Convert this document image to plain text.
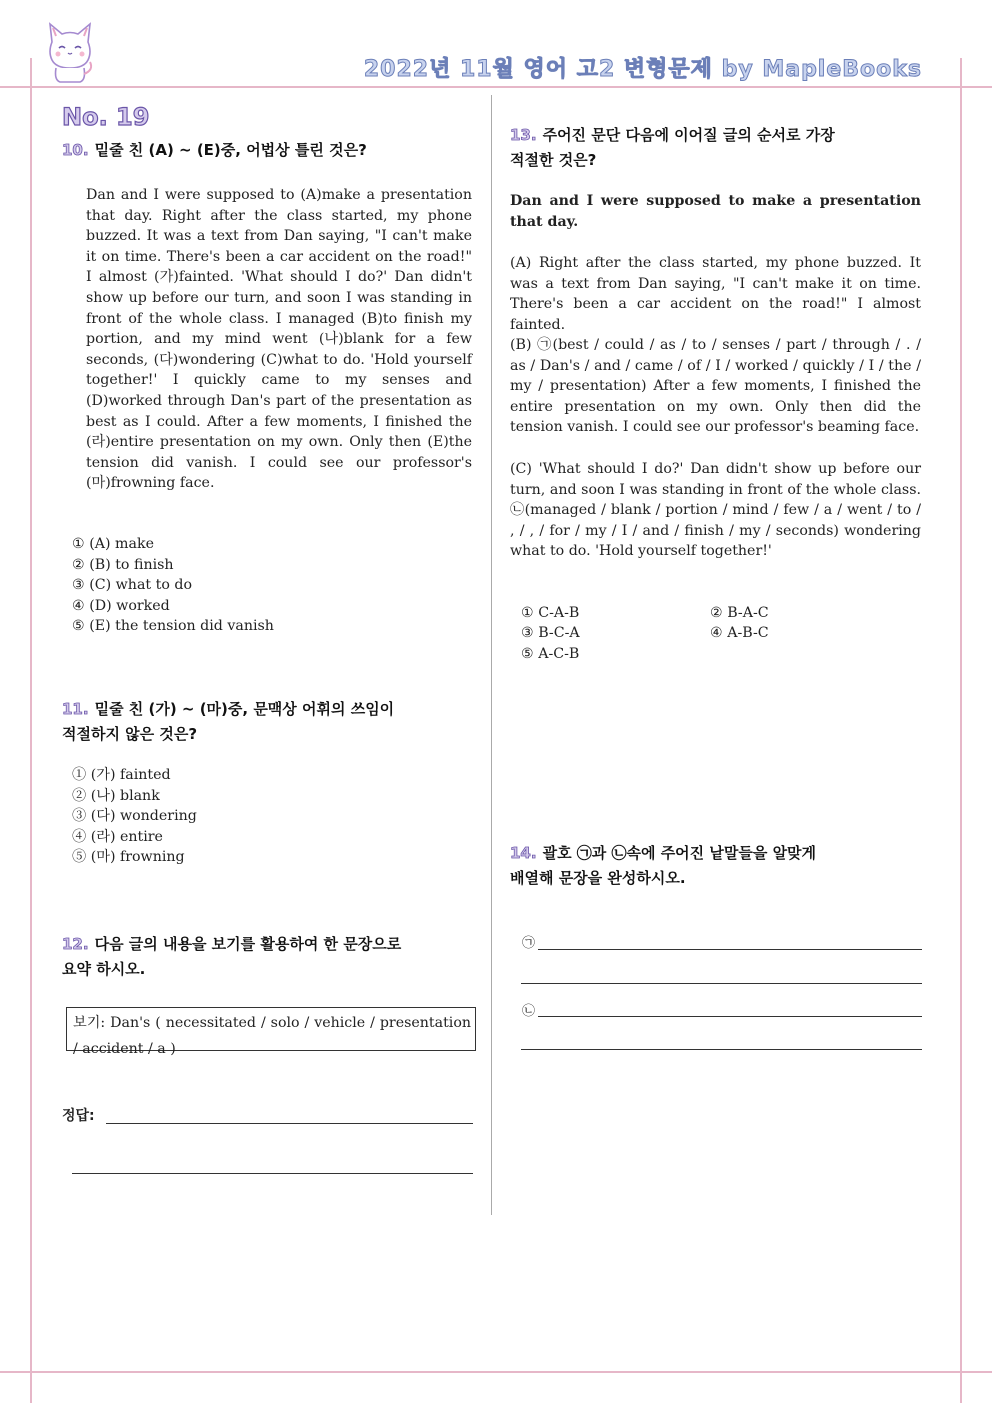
2022년 11월 영어 고2 변형문제 by MapleBooks
No. 19
10. 밑줄 친 (A) ~ (E)중, 어법상 틀린 것은?
Dan and I were supposed to (A)make a presentation that day. Right after the class started, my phone buzzed. It was a text from Dan saying, "I can't make it on time. There's been a car accident on the road!" I almost (가)fainted. 'What should I do?' Dan didn't show up before our turn, and soon I was standing in front of the whole class. I managed (B)to finish my portion, and my mind went (나)blank for a few seconds, (다)wondering (C)what to do. 'Hold yourself together!' I quickly came to my senses and (D)worked through Dan's part of the presentation as best as I could. After a few moments, I finished the (라)entire presentation on my own. Only then (E)the tension did vanish. I could see our professor's (마)frowning face.
① (A) make
② (B) to finish
③ (C) what to do
④ (D) worked
⑤ (E) the tension did vanish
11. 밑줄 친 (가) ~ (마)중, 문맥상 어휘의 쓰임이
적절하지 않은 것은?
① (가) fainted
② (나) blank
③ (다) wondering
④ (라) entire
⑤ (마) frowning
12. 다음 글의 내용을 보기를 활용하여 한 문장으로
요약 하시오.
보기: Dan's ( necessitated / solo / vehicle / presentation / accident / a )
정답:
13. 주어진 문단 다음에 이어질 글의 순서로 가장
적절한 것은?
Dan and I were supposed to make a presentation that day.
(A) Right after the class started, my phone buzzed. It was a text from Dan saying, "I can't make it on time. There's been a car accident on the road!" I almost fainted.
(B) ㉠(best / could / as / to / senses / part / through / . / as / Dan's / and / came / of / I / worked / quickly / I / the / my / presentation) After a few moments, I finished the entire presentation on my own. Only then did the tension vanish. I could see our professor's beaming face.
(C) 'What should I do?' Dan didn't show up before our turn, and soon I was standing in front of the whole class. ㉡(managed / blank / portion / mind / few / a / went / to / , / , / for / my / I / and / finish / my / seconds) wondering what to do. 'Hold yourself together!'
① C-A-B	② B-A-C
③ B-C-A	④ A-B-C
⑤ A-C-B
14. 괄호 ㉠과 ㉡속에 주어진 낱말들을 알맞게
배열해 문장을 완성하시오.
㉠
㉡
